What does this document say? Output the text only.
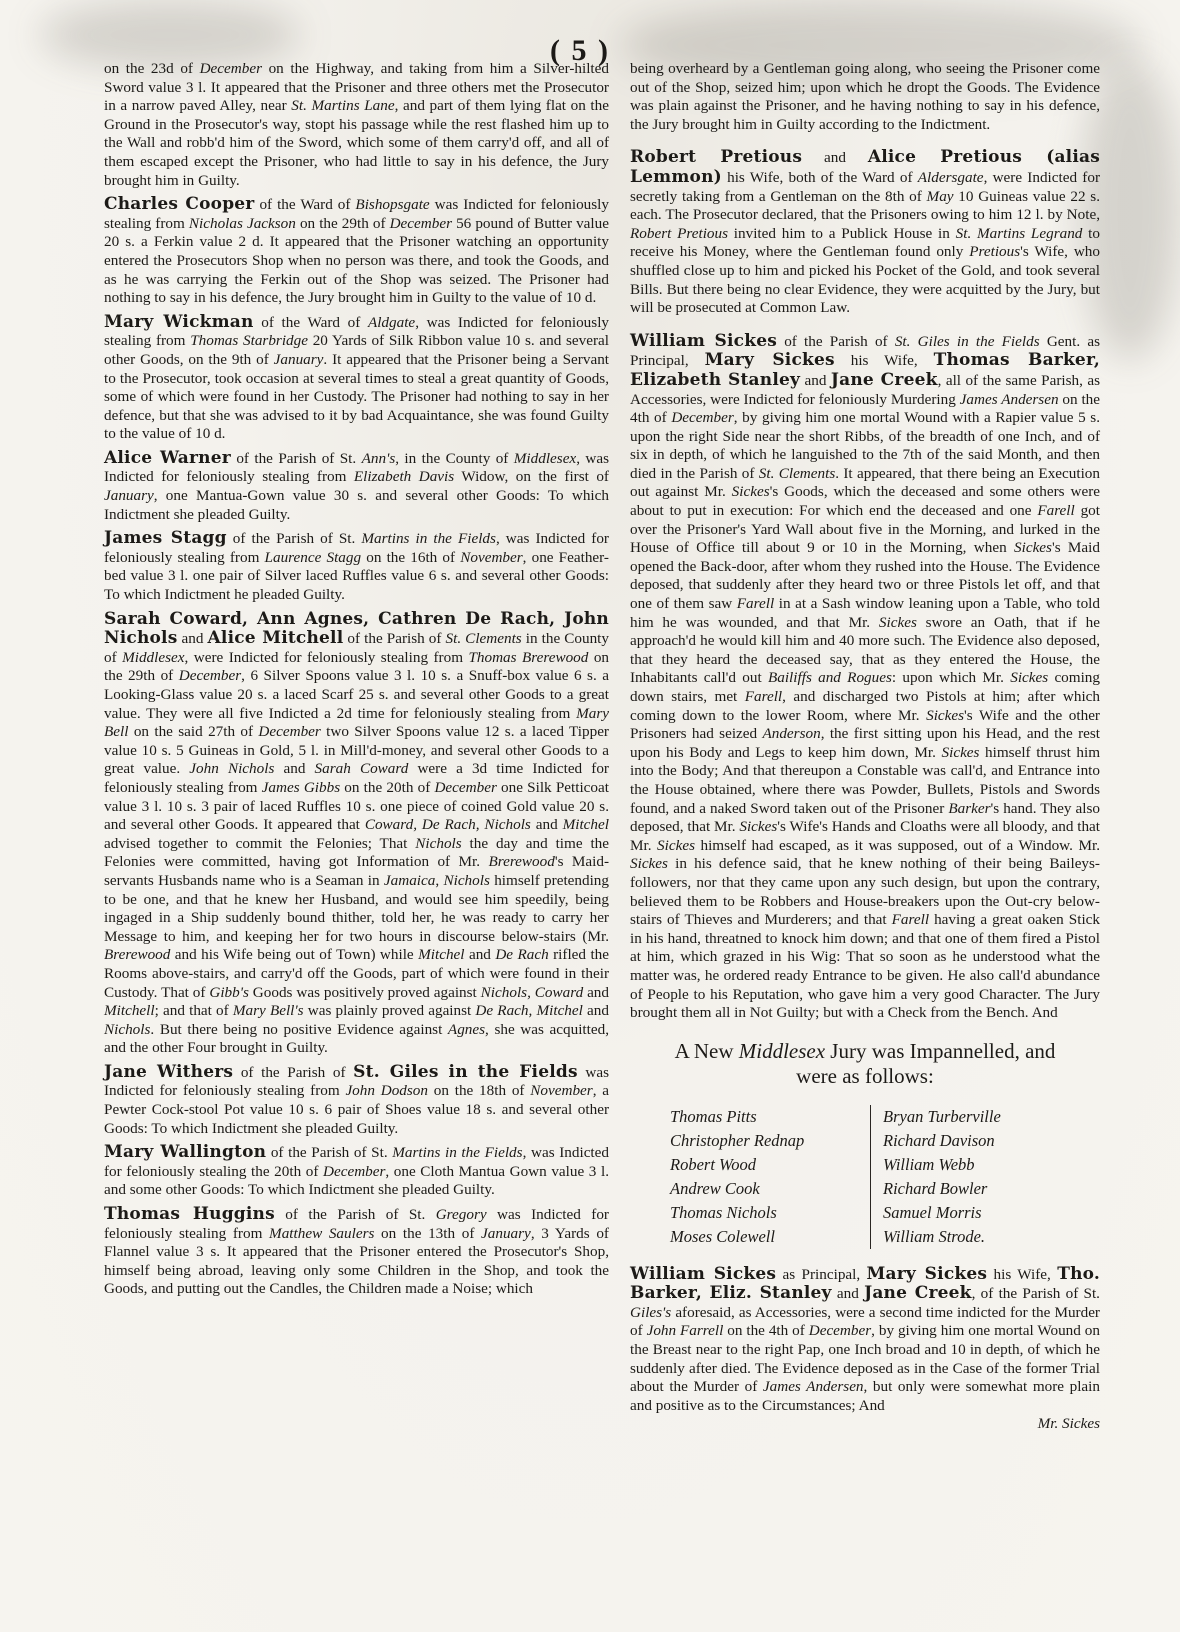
( 5 )

on the 23d of December on the Highway, and taking from him a Silver-hilted Sword value 3 l. It appeared that the Prisoner and three others met the Prosecutor in a narrow paved Alley, near St. Martins Lane, and part of them lying flat on the Ground in the Prosecutor's way, stopt his passage while the rest flashed him up to the Wall and robb'd him of the Sword, which some of them carry'd off, and all of them escaped except the Prisoner, who had little to say in his defence, the Jury brought him in Guilty.

Charles Cooper of the Ward of Bishopsgate was Indicted for feloniously stealing from Nicholas Jackson on the 29th of December 56 pound of Butter value 20 s. a Ferkin value 2 d. It appeared that the Prisoner watching an opportunity entered the Prosecutors Shop when no person was there, and took the Goods, and as he was carrying the Ferkin out of the Shop was seized. The Prisoner had nothing to say in his defence, the Jury brought him in Guilty to the value of 10 d.

Mary Wickman of the Ward of Aldgate, was Indicted for feloniously stealing from Thomas Starbridge 20 Yards of Silk Ribbon value 10 s. and several other Goods, on the 9th of January. It appeared that the Prisoner being a Servant to the Prosecutor, took occasion at several times to steal a great quantity of Goods, some of which were found in her Custody. The Prisoner had nothing to say in her defence, but that she was advised to it by bad Acquaintance, she was found Guilty to the value of 10 d.

Alice Warner of the Parish of St. Ann's, in the County of Middlesex, was Indicted for feloniously stealing from Elizabeth Davis Widow, on the first of January, one Mantua-Gown value 30 s. and several other Goods: To which Indictment she pleaded Guilty.

James Stagg of the Parish of St. Martins in the Fields, was Indicted for feloniously stealing from Laurence Stagg on the 16th of November, one Feather-bed value 3 l. one pair of Silver laced Ruffles value 6 s. and several other Goods: To which Indictment he pleaded Guilty.

Sarah Coward, Ann Agnes, Cathren De Rach, John Nichols and Alice Mitchell of the Parish of St. Clements in the County of Middlesex, were Indicted for feloniously stealing from Thomas Brerewood on the 29th of December, 6 Silver Spoons value 3 l. 10 s. a Snuff-box value 6 s. a Looking-Glass value 20 s. a laced Scarf 25 s. and several other Goods to a great value. They were all five Indicted a 2d time for feloniously stealing from Mary Bell on the said 27th of December two Silver Spoons value 12 s. a laced Tipper value 10 s. 5 Guineas in Gold, 5 l. in Mill'd-money, and several other Goods to a great value. John Nichols and Sarah Coward were a 3d time Indicted for feloniously stealing from James Gibbs on the 20th of December one Silk Petticoat value 3 l. 10 s. 3 pair of laced Ruffles 10 s. one piece of coined Gold value 20 s. and several other Goods. It appeared that Coward, De Rach, Nichols and Mitchel advised together to commit the Felonies; That Nichols the day and time the Felonies were committed, having got Information of Mr. Brerewood's Maid-servants Husbands name who is a Seaman in Jamaica, Nichols himself pretending to be one, and that he knew her Husband, and would see him speedily, being ingaged in a Ship suddenly bound thither, told her, he was ready to carry her Message to him, and keeping her for two hours in discourse below-stairs (Mr. Brerewood and his Wife being out of Town) while Mitchel and De Rach rifled the Rooms above-stairs, and carry'd off the Goods, part of which were found in their Custody. That of Gibb's Goods was positively proved against Nichols, Coward and Mitchell; and that of Mary Bell's was plainly proved against De Rach, Mitchel and Nichols. But there being no positive Evidence against Agnes, she was acquitted, and the other Four brought in Guilty.

Jane Withers of the Parish of St. Giles in the Fields was Indicted for feloniously stealing from John Dodson on the 18th of November, a Pewter Cock-stool Pot value 10 s. 6 pair of Shoes value 18 s. and several other Goods: To which Indictment she pleaded Guilty.

Mary Wallington of the Parish of St. Martins in the Fields, was Indicted for feloniously stealing the 20th of December, one Cloth Mantua Gown value 3 l. and some other Goods: To which Indictment she pleaded Guilty.

Thomas Huggins of the Parish of St. Gregory was Indicted for feloniously stealing from Matthew Saulers on the 13th of January, 3 Yards of Flannel value 3 s. It appeared that the Prisoner entered the Prosecutor's Shop, himself being abroad, leaving only some Children in the Shop, and took the Goods, and putting out the Candles, the Children made a Noise; which

being overheard by a Gentleman going along, who seeing the Prisoner come out of the Shop, seized him; upon which he dropt the Goods. The Evidence was plain against the Prisoner, and he having nothing to say in his defence, the Jury brought him in Guilty according to the Indictment.

Robert Pretious and Alice Pretious (alias Lemmon) his Wife, both of the Ward of Aldersgate, were Indicted for secretly taking from a Gentleman on the 8th of May 10 Guineas value 22 s. each. The Prosecutor declared, that the Prisoners owing to him 12 l. by Note, Robert Pretious invited him to a Publick House in St. Martins Legrand to receive his Money, where the Gentleman found only Pretious's Wife, who shuffled close up to him and picked his Pocket of the Gold, and took several Bills. But there being no clear Evidence, they were acquitted by the Jury, but will be prosecuted at Common Law.

William Sickes of the Parish of St. Giles in the Fields Gent. as Principal, Mary Sickes his Wife, Thomas Barker, Elizabeth Stanley and Jane Creek, all of the same Parish, as Accessories, were Indicted for feloniously Murdering James Andersen on the 4th of December, by giving him one mortal Wound with a Rapier value 5 s. upon the right Side near the short Ribbs, of the breadth of one Inch, and of six in depth, of which he languished to the 7th of the said Month, and then died in the Parish of St. Clements. It appeared, that there being an Execution out against Mr. Sickes's Goods, which the deceased and some others were about to put in execution: For which end the deceased and one Farell got over the Prisoner's Yard Wall about five in the Morning, and lurked in the House of Office till about 9 or 10 in the Morning, when Sickes's Maid opened the Back-door, after whom they rushed into the House. The Evidence deposed, that suddenly after they heard two or three Pistols let off, and that one of them saw Farell in at a Sash window leaning upon a Table, who told him he was wounded, and that Mr. Sickes swore an Oath, that if he approach'd he would kill him and 40 more such. The Evidence also deposed, that they heard the deceased say, that as they entered the House, the Inhabitants call'd out Bailiffs and Rogues: upon which Mr. Sickes coming down stairs, met Farell, and discharged two Pistols at him; after which coming down to the lower Room, where Mr. Sickes's Wife and the other Prisoners had seized Anderson, the first sitting upon his Head, and the rest upon his Body and Legs to keep him down, Mr. Sickes himself thrust him into the Body; And that thereupon a Constable was call'd, and Entrance into the House obtained, where there was Powder, Bullets, Pistols and Swords found, and a naked Sword taken out of the Prisoner Barker's hand. They also deposed, that Mr. Sickes's Wife's Hands and Cloaths were all bloody, and that Mr. Sickes himself had escaped, as it was supposed, out of a Window. Mr. Sickes in his defence said, that he knew nothing of their being Baileys-followers, nor that they came upon any such design, but upon the contrary, believed them to be Robbers and House-breakers upon the Out-cry below-stairs of Thieves and Murderers; and that Farell having a great oaken Stick in his hand, threatned to knock him down; and that one of them fired a Pistol at him, which grazed in his Wig: That so soon as he understood what the matter was, he ordered ready Entrance to be given. He also call'd abundance of People to his Reputation, who gave him a very good Character. The Jury brought them all in Not Guilty; but with a Check from the Bench. And

A New Middlesex Jury was Impannelled, and
were as follows:
Thomas Pitts
Christopher Rednap
Robert Wood
Andrew Cook
Thomas Nichols
Moses Colewell
Bryan Turberville
Richard Davison
William Webb
Richard Bowler
Samuel Morris
William Strode.

William Sickes as Principal, Mary Sickes his Wife, Tho. Barker, Eliz. Stanley and Jane Creek, of the Parish of St. Giles's aforesaid, as Accessories, were a second time indicted for the Murder of John Farrell on the 4th of December, by giving him one mortal Wound on the Breast near to the right Pap, one Inch broad and 10 in depth, of which he suddenly after died. The Evidence deposed as in the Case of the former Trial about the Murder of James Andersen, but only were somewhat more plain and positive as to the Circumstances; And

Mr. Sickes
